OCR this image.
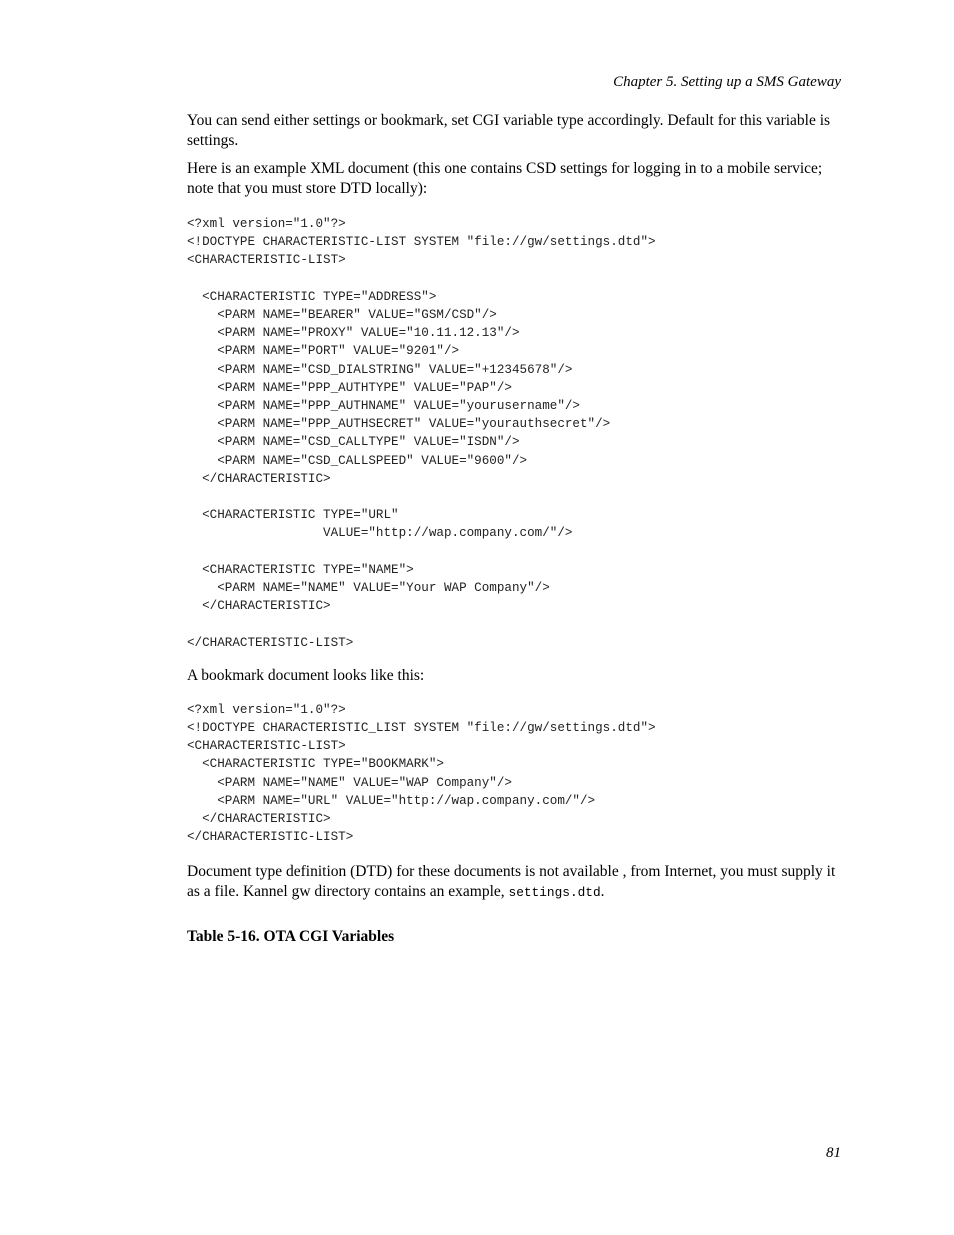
Chapter 5. Setting up a SMS Gateway

You can send either settings or bookmark, set CGI variable type accordingly. Default for this variable is settings.

Here is an example XML document (this one contains CSD settings for logging in to a mobile service; note that you must store DTD locally):

<?xml version="1.0"?>
<!DOCTYPE CHARACTERISTIC-LIST SYSTEM "file://gw/settings.dtd">
<CHARACTERISTIC-LIST>

<CHARACTERISTIC TYPE="ADDRESS">
<PARM NAME="BEARER" VALUE="GSM/CSD"/>
<PARM NAME="PROXY" VALUE="10.11.12.13"/>
<PARM NAME="PORT" VALUE="9201"/>
<PARM NAME="CSD_DIALSTRING" VALUE="+12345678"/>
<PARM NAME="PPP_AUTHTYPE" VALUE="PAP"/>
<PARM NAME="PPP_AUTHNAME" VALUE="yourusername"/>
<PARM NAME="PPP_AUTHSECRET" VALUE="yourauthsecret"/>
<PARM NAME="CSD_CALLTYPE" VALUE="ISDN"/>
<PARM NAME="CSD_CALLSPEED" VALUE="9600"/>
</CHARACTERISTIC>

<CHARACTERISTIC TYPE="URL"
VALUE="http://wap.company.com/"/>

<CHARACTERISTIC TYPE="NAME">
<PARM NAME="NAME" VALUE="Your WAP Company"/>
</CHARACTERISTIC>

</CHARACTERISTIC-LIST>

A bookmark document looks like this:

<?xml version="1.0"?>
<!DOCTYPE CHARACTERISTIC_LIST SYSTEM "file://gw/settings.dtd">
<CHARACTERISTIC-LIST>
<CHARACTERISTIC TYPE="BOOKMARK">
<PARM NAME="NAME" VALUE="WAP Company"/>
<PARM NAME="URL" VALUE="http://wap.company.com/"/>
</CHARACTERISTIC>
</CHARACTERISTIC-LIST>

Document type definition (DTD) for these documents is not available , from Internet, you must supply it as a file. Kannel gw directory contains an example, settings.dtd.

Table 5-16. OTA CGI Variables
81
